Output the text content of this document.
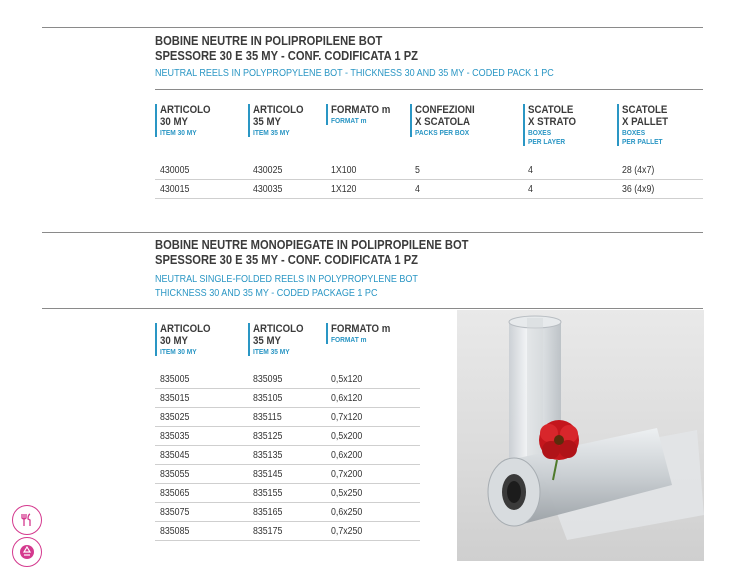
BOBINE NEUTRE IN POLIPROPILENE BOT
SPESSORE 30 E 35 MY - CONF. CODIFICATA 1 PZ
NEUTRAL REELS IN POLYPROPYLENE BOT - THICKNESS 30 AND 35 MY - CODED PACK 1 PC
ARTICOLO
30 MY
ITEM 30 MY
ARTICOLO
35 MY
ITEM 35 MY
FORMATO m
FORMAT m
CONFEZIONI
X SCATOLA
PACKS PER BOX
SCATOLE
X STRATO
BOXES
PER LAYER
SCATOLE
X PALLET
BOXES
PER PALLET
430005	430025	1X100	5	4	28 (4x7)
430015	430035	1X120	4	4	36 (4x9)
BOBINE NEUTRE MONOPIEGATE IN POLIPROPILENE BOT
SPESSORE 30 E 35 MY - CONF. CODIFICATA 1 PZ
NEUTRAL SINGLE-FOLDED REELS IN POLYPROPYLENE BOT
THICKNESS 30 AND 35 MY - CODED PACKAGE 1 PC
ARTICOLO
30 MY
ITEM 30 MY
ARTICOLO
35 MY
ITEM 35 MY
FORMATO m
FORMAT m
835005	835095	0,5x120
835015	835105	0,6x120
835025	835115	0,7x120
835035	835125	0,5x200
835045	835135	0,6x200
835055	835145	0,7x200
835065	835155	0,5x250
835075	835165	0,6x250
835085	835175	0,7x250
